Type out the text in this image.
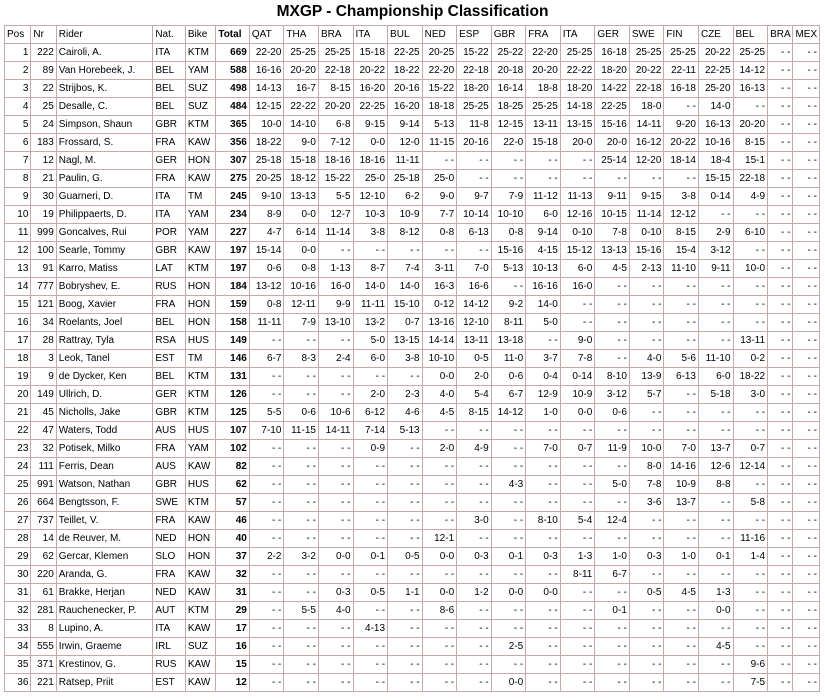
MXGP - Championship Classification
Pos	Nr	Rider	Nat.	Bike	Total	QAT	THA	BRA	ITA	BUL	NED	ESP	GBR	FRA	ITA	GER	SWE	FIN	CZE	BEL	BRA	MEX
1	222	Cairoli, A.	ITA	KTM	669	22-20	25-25	25-25	15-18	22-25	20-25	15-22	25-22	22-20	25-25	16-18	25-25	25-25	20-22	25-25	- -	- -
2	89	Van Horebeek, J.	BEL	YAM	588	16-16	20-20	22-18	20-22	18-22	22-20	22-18	20-18	20-20	22-22	18-20	20-22	22-11	22-25	14-12	- -	- -
3	22	Strijbos, K.	BEL	SUZ	498	14-13	16-7	8-15	16-20	20-16	15-22	18-20	16-14	18-8	18-20	14-22	22-18	16-18	25-20	16-13	- -	- -
4	25	Desalle, C.	BEL	SUZ	484	12-15	22-22	20-20	22-25	16-20	18-18	25-25	18-25	25-25	14-18	22-25	18-0	- -	14-0	- -	- -	- -
5	24	Simpson, Shaun	GBR	KTM	365	10-0	14-10	6-8	9-15	9-14	5-13	11-8	12-15	13-11	13-15	15-16	14-11	9-20	16-13	20-20	- -	- -
6	183	Frossard, S.	FRA	KAW	356	18-22	9-0	7-12	0-0	12-0	11-15	20-16	22-0	15-18	20-0	20-0	16-12	20-22	10-16	8-15	- -	- -
7	12	Nagl, M.	GER	HON	307	25-18	15-18	18-16	18-16	11-11	- -	- -	- -	- -	- -	25-14	12-20	18-14	18-4	15-1	- -	- -
8	21	Paulin, G.	FRA	KAW	275	20-25	18-12	15-22	25-0	25-18	25-0	- -	- -	- -	- -	- -	- -	- -	15-15	22-18	- -	- -
9	30	Guarneri, D.	ITA	TM	245	9-10	13-13	5-5	12-10	6-2	9-0	9-7	7-9	11-12	11-13	9-11	9-15	3-8	0-14	4-9	- -	- -
10	19	Philippaerts, D.	ITA	YAM	234	8-9	0-0	12-7	10-3	10-9	7-7	10-14	10-10	6-0	12-16	10-15	11-14	12-12	- -	- -	- -	- -
11	999	Goncalves, Rui	POR	YAM	227	4-7	6-14	11-14	3-8	8-12	0-8	6-13	0-8	9-14	0-10	7-8	0-10	8-15	2-9	6-10	- -	- -
12	100	Searle, Tommy	GBR	KAW	197	15-14	0-0	- -	- -	- -	- -	- -	15-16	4-15	15-12	13-13	15-16	15-4	3-12	- -	- -	- -
13	91	Karro, Matiss	LAT	KTM	197	0-6	0-8	1-13	8-7	7-4	3-11	7-0	5-13	10-13	6-0	4-5	2-13	11-10	9-11	10-0	- -	- -
14	777	Bobryshev, E.	RUS	HON	184	13-12	10-16	16-0	14-0	14-0	16-3	16-6	- -	16-16	16-0	- -	- -	- -	- -	- -	- -	- -
15	121	Boog, Xavier	FRA	HON	159	0-8	12-11	9-9	11-11	15-10	0-12	14-12	9-2	14-0	- -	- -	- -	- -	- -	- -	- -	- -
16	34	Roelants, Joel	BEL	HON	158	11-11	7-9	13-10	13-2	0-7	13-16	12-10	8-11	5-0	- -	- -	- -	- -	- -	- -	- -	- -
17	28	Rattray, Tyla	RSA	HUS	149	- -	- -	- -	5-0	13-15	14-14	13-11	13-18	- -	9-0	- -	- -	- -	- -	13-11	- -	- -
18	3	Leok, Tanel	EST	TM	146	6-7	8-3	2-4	6-0	3-8	10-10	0-5	11-0	3-7	7-8	- -	4-0	5-6	11-10	0-2	- -	- -
19	9	de Dycker, Ken	BEL	KTM	131	- -	- -	- -	- -	- -	0-0	2-0	0-6	0-4	0-14	8-10	13-9	6-13	6-0	18-22	- -	- -
20	149	Ullrich, D.	GER	KTM	126	- -	- -	- -	2-0	2-3	4-0	5-4	6-7	12-9	10-9	3-12	5-7	- -	5-18	3-0	- -	- -
21	45	Nicholls, Jake	GBR	KTM	125	5-5	0-6	10-6	6-12	4-6	4-5	8-15	14-12	1-0	0-0	0-6	- -	- -	- -	- -	- -	- -
22	47	Waters, Todd	AUS	HUS	107	7-10	11-15	14-11	7-14	5-13	- -	- -	- -	- -	- -	- -	- -	- -	- -	- -	- -	- -
23	32	Potisek, Milko	FRA	YAM	102	- -	- -	- -	0-9	- -	2-0	4-9	- -	7-0	0-7	11-9	10-0	7-0	13-7	0-7	- -	- -
24	111	Ferris, Dean	AUS	KAW	82	- -	- -	- -	- -	- -	- -	- -	- -	- -	- -	- -	8-0	14-16	12-6	12-14	- -	- -
25	991	Watson, Nathan	GBR	HUS	62	- -	- -	- -	- -	- -	- -	- -	4-3	- -	- -	5-0	7-8	10-9	8-8	- -	- -	- -
26	664	Bengtsson, F.	SWE	KTM	57	- -	- -	- -	- -	- -	- -	- -	- -	- -	- -	- -	3-6	13-7	- -	5-8	- -	- -
27	737	Teillet, V.	FRA	KAW	46	- -	- -	- -	- -	- -	- -	3-0	- -	8-10	5-4	12-4	- -	- -	- -	- -	- -	- -
28	14	de Reuver, M.	NED	HON	40	- -	- -	- -	- -	- -	12-1	- -	- -	- -	- -	- -	- -	- -	- -	11-16	- -	- -
29	62	Gercar, Klemen	SLO	HON	37	2-2	3-2	0-0	0-1	0-5	0-0	0-3	0-1	0-3	1-3	1-0	0-3	1-0	0-1	1-4	- -	- -
30	220	Aranda, G.	FRA	KAW	32	- -	- -	- -	- -	- -	- -	- -	- -	- -	8-11	6-7	- -	- -	- -	- -	- -	- -
31	61	Brakke, Herjan	NED	KAW	31	- -	- -	0-3	0-5	1-1	0-0	1-2	0-0	0-0	- -	- -	0-5	4-5	1-3	- -	- -	- -
32	281	Rauchenecker, P.	AUT	KTM	29	- -	5-5	4-0	- -	- -	8-6	- -	- -	- -	- -	0-1	- -	- -	0-0	- -	- -	- -
33	8	Lupino, A.	ITA	KAW	17	- -	- -	- -	4-13	- -	- -	- -	- -	- -	- -	- -	- -	- -	- -	- -	- -	- -
34	555	Irwin, Graeme	IRL	SUZ	16	- -	- -	- -	- -	- -	- -	- -	2-5	- -	- -	- -	- -	- -	4-5	- -	- -	- -
35	371	Krestinov, G.	RUS	KAW	15	- -	- -	- -	- -	- -	- -	- -	- -	- -	- -	- -	- -	- -	- -	9-6	- -	- -
36	221	Ratsep, Priit	EST	KAW	12	- -	- -	- -	- -	- -	- -	- -	0-0	- -	- -	- -	- -	- -	- -	7-5	- -	- -
